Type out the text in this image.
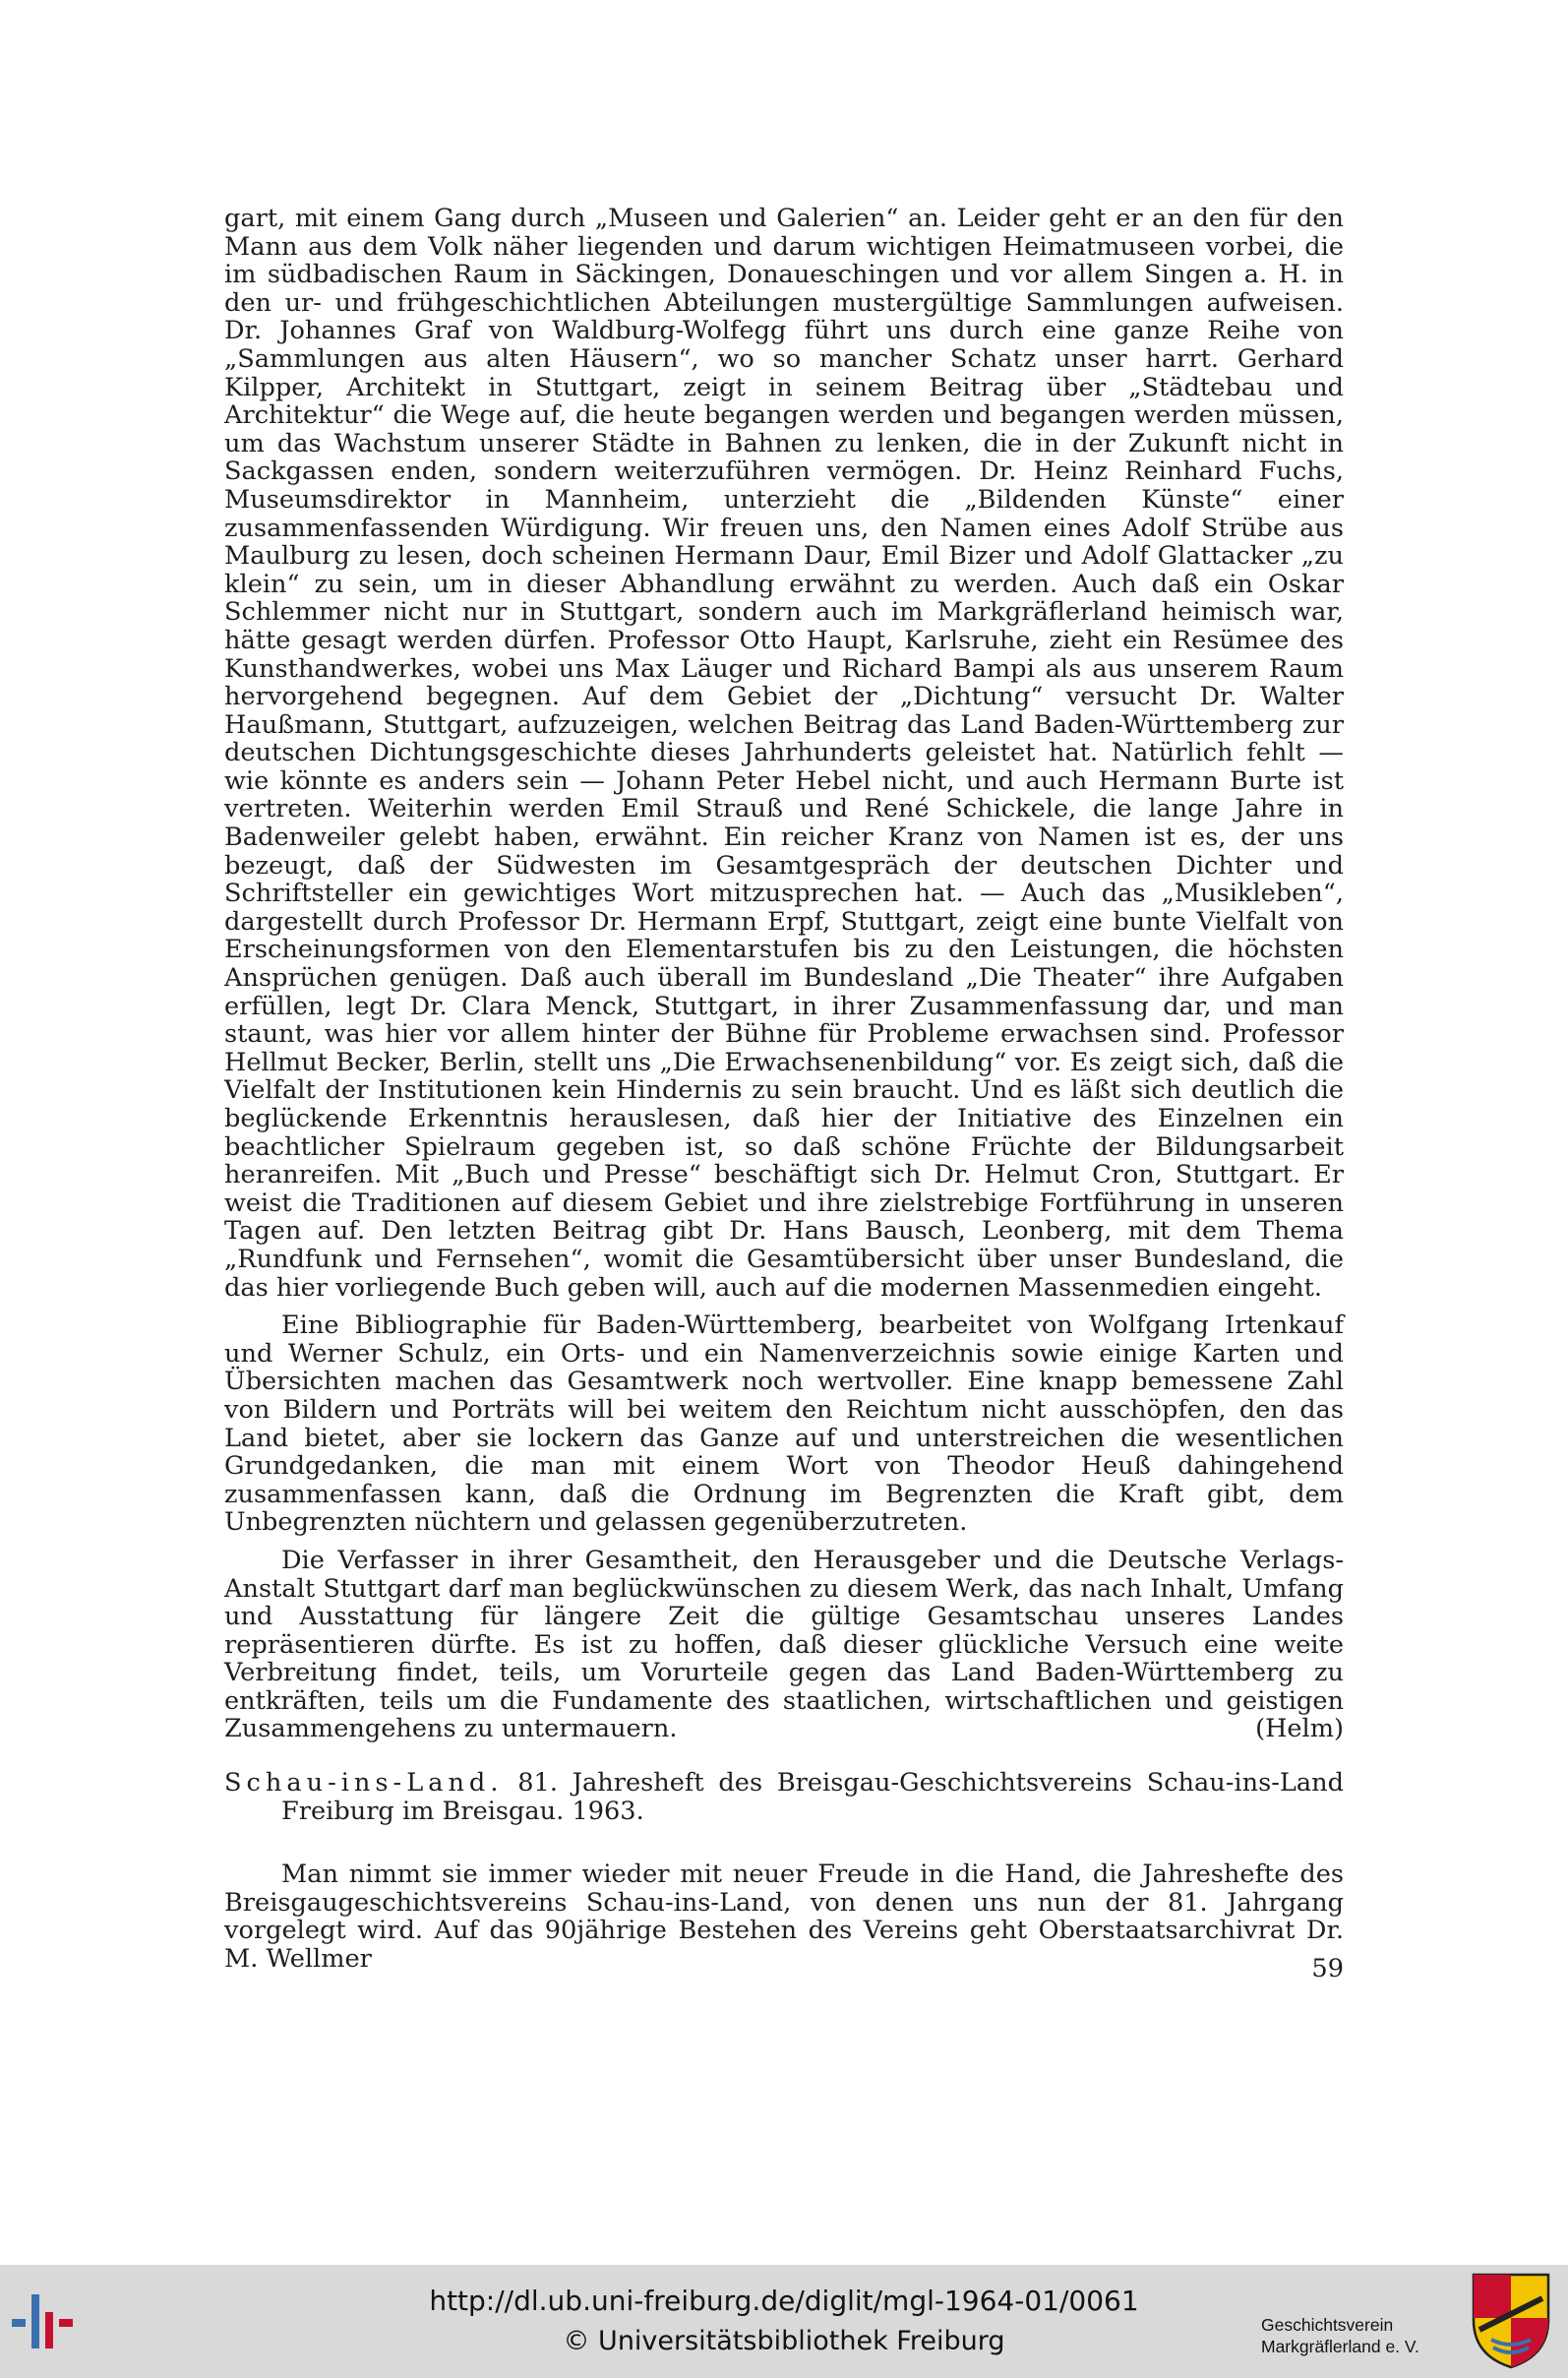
gart, mit einem Gang durch „Museen und Galerien“ an. Leider geht er an den für den Mann aus dem Volk näher liegenden und darum wichtigen Heimatmuseen vorbei, die im südbadischen Raum in Säckingen, Donaueschingen und vor allem Singen a. H. in den ur- und frühgeschichtlichen Abteilungen mustergültige Sammlungen aufweisen. Dr. Johannes Graf von Waldburg-Wolfegg führt uns durch eine ganze Reihe von „Sammlungen aus alten Häusern“, wo so mancher Schatz unser harrt. Gerhard Kilpper, Architekt in Stuttgart, zeigt in seinem Beitrag über „Städtebau und Architektur“ die Wege auf, die heute begangen werden und begangen werden müssen, um das Wachstum unserer Städte in Bahnen zu lenken, die in der Zukunft nicht in Sackgassen enden, sondern weiterzuführen vermögen. Dr. Heinz Reinhard Fuchs, Museumsdirektor in Mannheim, unterzieht die „Bildenden Künste“ einer zusammenfassenden Würdigung. Wir freuen uns, den Namen eines Adolf Strübe aus Maulburg zu lesen, doch scheinen Hermann Daur, Emil Bizer und Adolf Glattacker „zu klein“ zu sein, um in dieser Abhandlung erwähnt zu werden. Auch daß ein Oskar Schlemmer nicht nur in Stuttgart, sondern auch im Markgräflerland heimisch war, hätte gesagt werden dürfen. Professor Otto Haupt, Karlsruhe, zieht ein Resümee des Kunsthandwerkes, wobei uns Max Läuger und Richard Bampi als aus unserem Raum hervorgehend begegnen. Auf dem Gebiet der „Dichtung“ versucht Dr. Walter Haußmann, Stuttgart, aufzuzeigen, welchen Beitrag das Land Baden-Württemberg zur deutschen Dichtungsgeschichte dieses Jahrhunderts geleistet hat. Natürlich fehlt — wie könnte es anders sein — Johann Peter Hebel nicht, und auch Hermann Burte ist vertreten. Weiterhin werden Emil Strauß und René Schickele, die lange Jahre in Badenweiler gelebt haben, erwähnt. Ein reicher Kranz von Namen ist es, der uns bezeugt, daß der Südwesten im Gesamtgespräch der deutschen Dichter und Schriftsteller ein gewichtiges Wort mitzusprechen hat. — Auch das „Musikleben“, dargestellt durch Professor Dr. Hermann Erpf, Stuttgart, zeigt eine bunte Vielfalt von Erscheinungsformen von den Elementarstufen bis zu den Leistungen, die höchsten Ansprüchen genügen. Daß auch überall im Bundesland „Die Theater“ ihre Aufgaben erfüllen, legt Dr. Clara Menck, Stuttgart, in ihrer Zusammenfassung dar, und man staunt, was hier vor allem hinter der Bühne für Probleme erwachsen sind. Professor Hellmut Becker, Berlin, stellt uns „Die Erwachsenenbildung“ vor. Es zeigt sich, daß die Vielfalt der Institutionen kein Hindernis zu sein braucht. Und es läßt sich deutlich die beglückende Erkenntnis herauslesen, daß hier der Initiative des Einzelnen ein beachtlicher Spielraum gegeben ist, so daß schöne Früchte der Bildungsarbeit heranreifen. Mit „Buch und Presse“ beschäftigt sich Dr. Helmut Cron, Stuttgart. Er weist die Traditionen auf diesem Gebiet und ihre zielstrebige Fortführung in unseren Tagen auf. Den letzten Beitrag gibt Dr. Hans Bausch, Leonberg, mit dem Thema „Rundfunk und Fernsehen“, womit die Gesamtübersicht über unser Bundesland, die das hier vorliegende Buch geben will, auch auf die modernen Massenmedien eingeht.

Eine Bibliographie für Baden-Württemberg, bearbeitet von Wolfgang Irtenkauf und Werner Schulz, ein Orts- und ein Namenverzeichnis sowie einige Karten und Übersichten machen das Gesamtwerk noch wertvoller. Eine knapp bemessene Zahl von Bildern und Porträts will bei weitem den Reichtum nicht ausschöpfen, den das Land bietet, aber sie lockern das Ganze auf und unterstreichen die wesentlichen Grundgedanken, die man mit einem Wort von Theodor Heuß dahingehend zusammenfassen kann, daß die Ordnung im Begrenzten die Kraft gibt, dem Unbegrenzten nüchtern und gelassen gegenüberzutreten.

Die Verfasser in ihrer Gesamtheit, den Herausgeber und die Deutsche Verlags-Anstalt Stuttgart darf man beglückwünschen zu diesem Werk, das nach Inhalt, Umfang und Ausstattung für längere Zeit die gültige Gesamtschau unseres Landes repräsentieren dürfte. Es ist zu hoffen, daß dieser glückliche Versuch eine weite Verbreitung findet, teils, um Vorurteile gegen das Land Baden-Württemberg zu entkräften, teils um die Fundamente des staatlichen, wirtschaftlichen und geistigen Zusammengehens zu untermauern.	(Helm)

Schau-ins-Land. 81. Jahresheft des Breisgau-Geschichtsvereins Schau-ins-Land Freiburg im Breisgau. 1963.

Man nimmt sie immer wieder mit neuer Freude in die Hand, die Jahreshefte des Breisgaugeschichtsvereins Schau-ins-Land, von denen uns nun der 81. Jahrgang vorgelegt wird. Auf das 90jährige Bestehen des Vereins geht Oberstaatsarchivrat Dr. M. Wellmer	59
http://dl.ub.uni-freiburg.de/diglit/mgl-1964-01/0061
© Universitätsbibliothek Freiburg
Geschichtsverein
Markgräflerland e. V.
